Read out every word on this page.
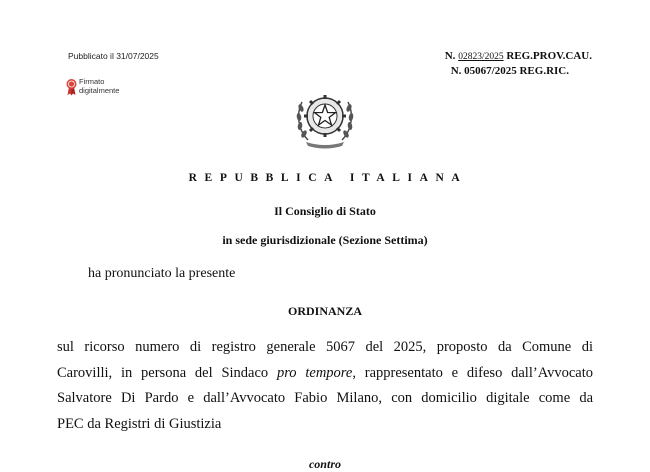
Pubblicato il 31/07/2025	N. 02823/2025 REG.PROV.CAU.
N. 05067/2025 REG.RIC.
Firmato
digitalmente
REPUBBLICA ITALIANA
Il Consiglio di Stato
in sede giurisdizionale (Sezione Settima)
ha pronunciato la presente
ORDINANZA
sul ricorso numero di registro generale 5067 del 2025, proposto da Comune di
Carovilli, in persona del Sindaco pro tempore, rappresentato e difeso dall’Avvocato
Salvatore Di Pardo e dall’Avvocato Fabio Milano, con domicilio digitale come da
PEC da Registri di Giustizia
contro
